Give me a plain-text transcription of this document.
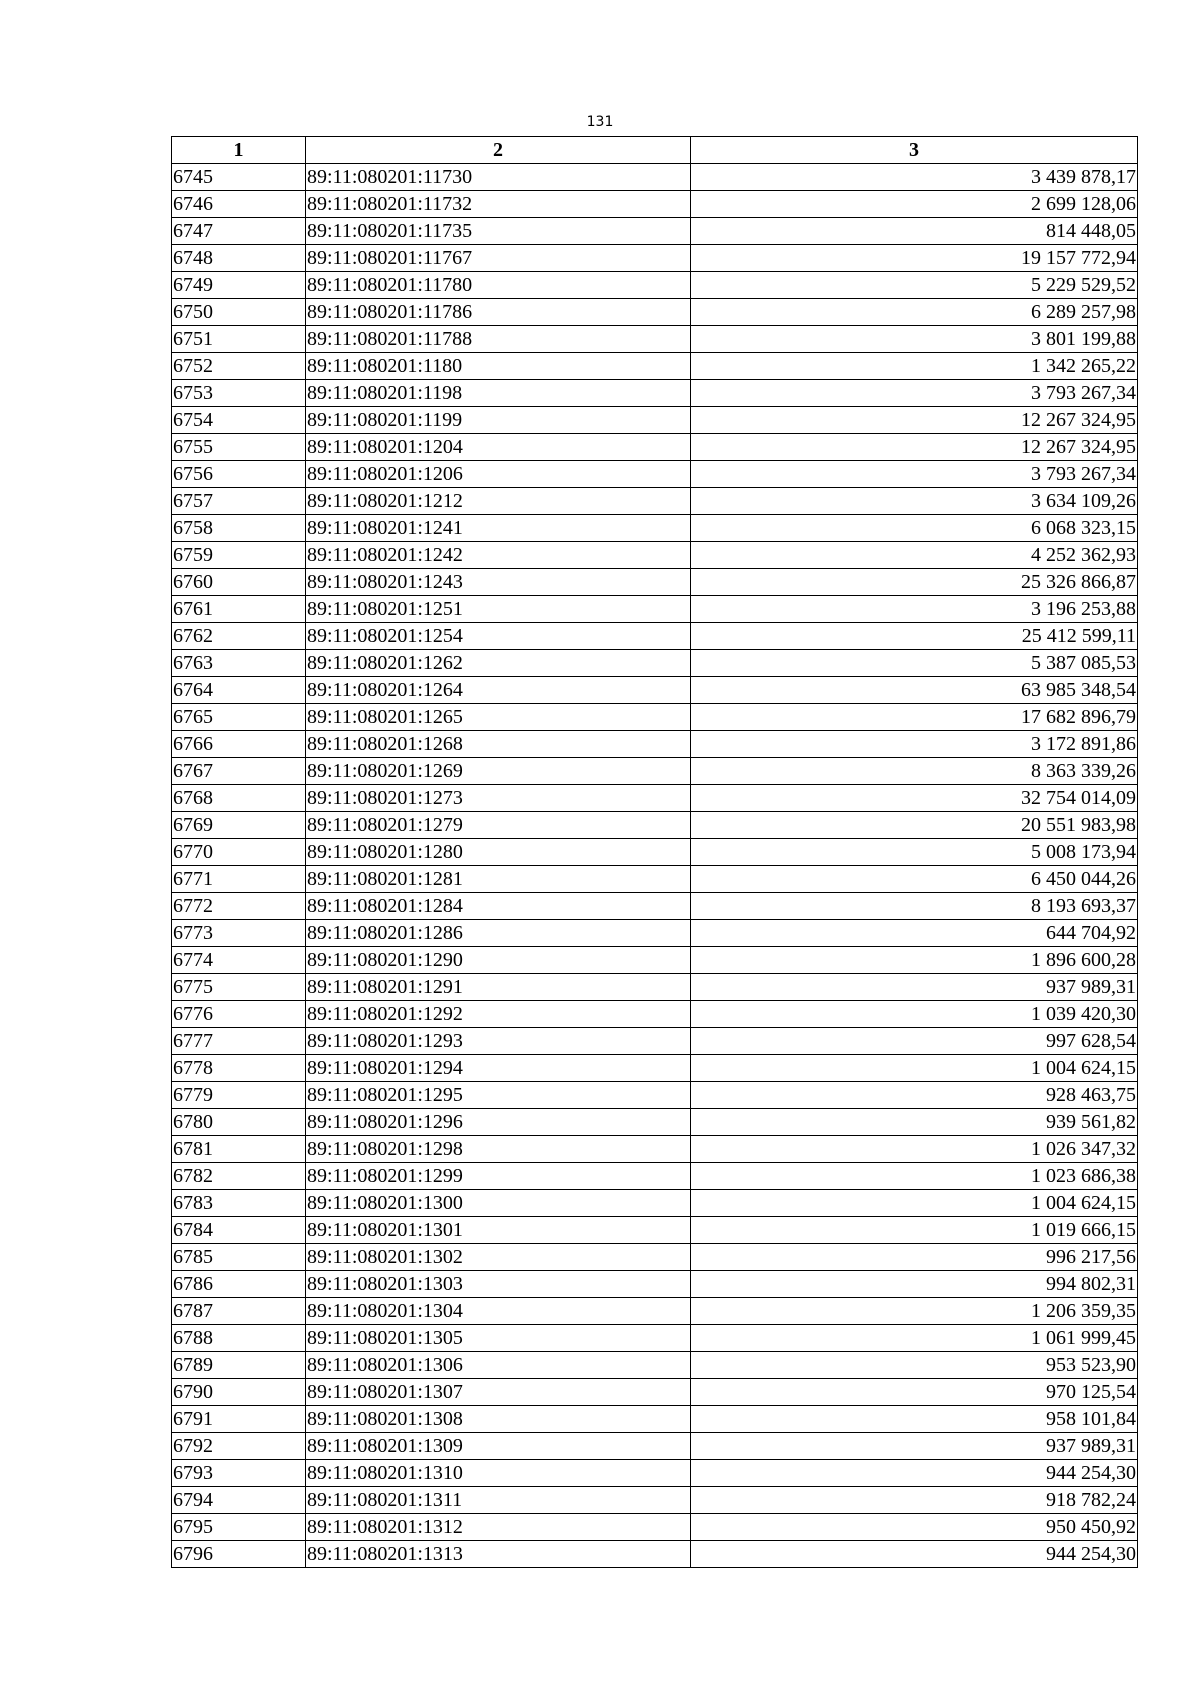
131
1	2	3
6745	89:11:080201:11730	3 439 878,17
6746	89:11:080201:11732	2 699 128,06
6747	89:11:080201:11735	814 448,05
6748	89:11:080201:11767	19 157 772,94
6749	89:11:080201:11780	5 229 529,52
6750	89:11:080201:11786	6 289 257,98
6751	89:11:080201:11788	3 801 199,88
6752	89:11:080201:1180	1 342 265,22
6753	89:11:080201:1198	3 793 267,34
6754	89:11:080201:1199	12 267 324,95
6755	89:11:080201:1204	12 267 324,95
6756	89:11:080201:1206	3 793 267,34
6757	89:11:080201:1212	3 634 109,26
6758	89:11:080201:1241	6 068 323,15
6759	89:11:080201:1242	4 252 362,93
6760	89:11:080201:1243	25 326 866,87
6761	89:11:080201:1251	3 196 253,88
6762	89:11:080201:1254	25 412 599,11
6763	89:11:080201:1262	5 387 085,53
6764	89:11:080201:1264	63 985 348,54
6765	89:11:080201:1265	17 682 896,79
6766	89:11:080201:1268	3 172 891,86
6767	89:11:080201:1269	8 363 339,26
6768	89:11:080201:1273	32 754 014,09
6769	89:11:080201:1279	20 551 983,98
6770	89:11:080201:1280	5 008 173,94
6771	89:11:080201:1281	6 450 044,26
6772	89:11:080201:1284	8 193 693,37
6773	89:11:080201:1286	644 704,92
6774	89:11:080201:1290	1 896 600,28
6775	89:11:080201:1291	937 989,31
6776	89:11:080201:1292	1 039 420,30
6777	89:11:080201:1293	997 628,54
6778	89:11:080201:1294	1 004 624,15
6779	89:11:080201:1295	928 463,75
6780	89:11:080201:1296	939 561,82
6781	89:11:080201:1298	1 026 347,32
6782	89:11:080201:1299	1 023 686,38
6783	89:11:080201:1300	1 004 624,15
6784	89:11:080201:1301	1 019 666,15
6785	89:11:080201:1302	996 217,56
6786	89:11:080201:1303	994 802,31
6787	89:11:080201:1304	1 206 359,35
6788	89:11:080201:1305	1 061 999,45
6789	89:11:080201:1306	953 523,90
6790	89:11:080201:1307	970 125,54
6791	89:11:080201:1308	958 101,84
6792	89:11:080201:1309	937 989,31
6793	89:11:080201:1310	944 254,30
6794	89:11:080201:1311	918 782,24
6795	89:11:080201:1312	950 450,92
6796	89:11:080201:1313	944 254,30
